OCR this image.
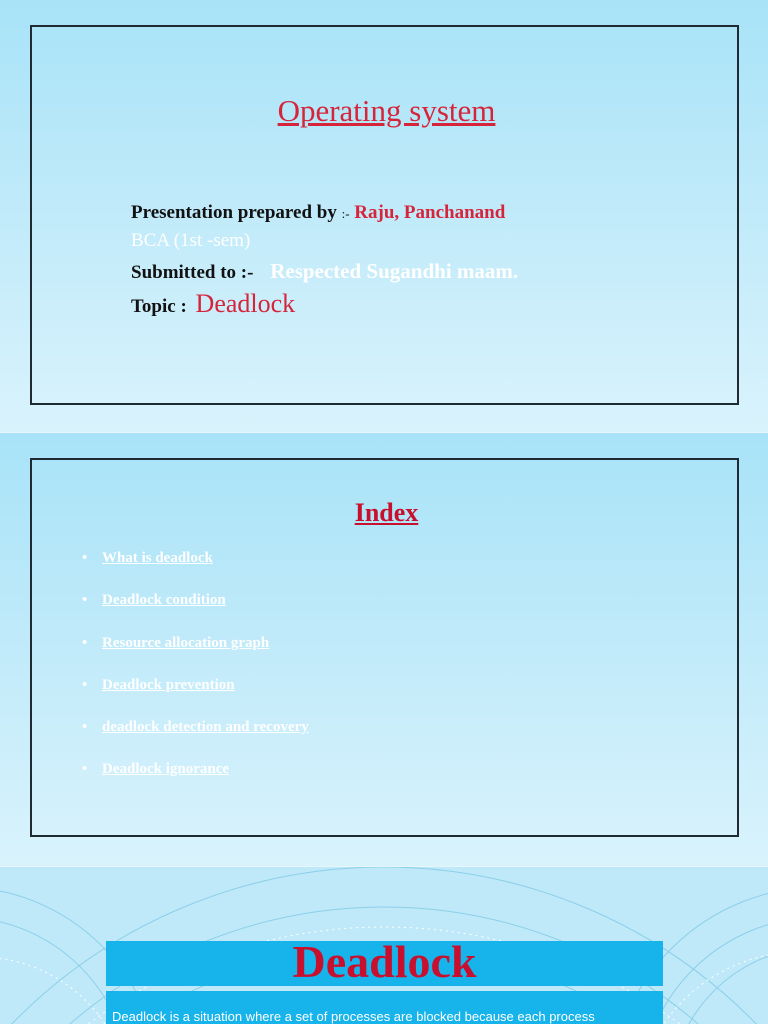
Operating system
Presentation prepared by :- Raju, Panchanand
BCA (1st -sem)
Submitted to :- Respected Sugandhi maam.
Topic : Deadlock
Index
• What is deadlock
• Deadlock condition
• Resource allocation graph
• Deadlock prevention
• deadlock detection and recovery
• Deadlock ignorance
Deadlock
Deadlock is a situation where a set of processes are blocked because each process
